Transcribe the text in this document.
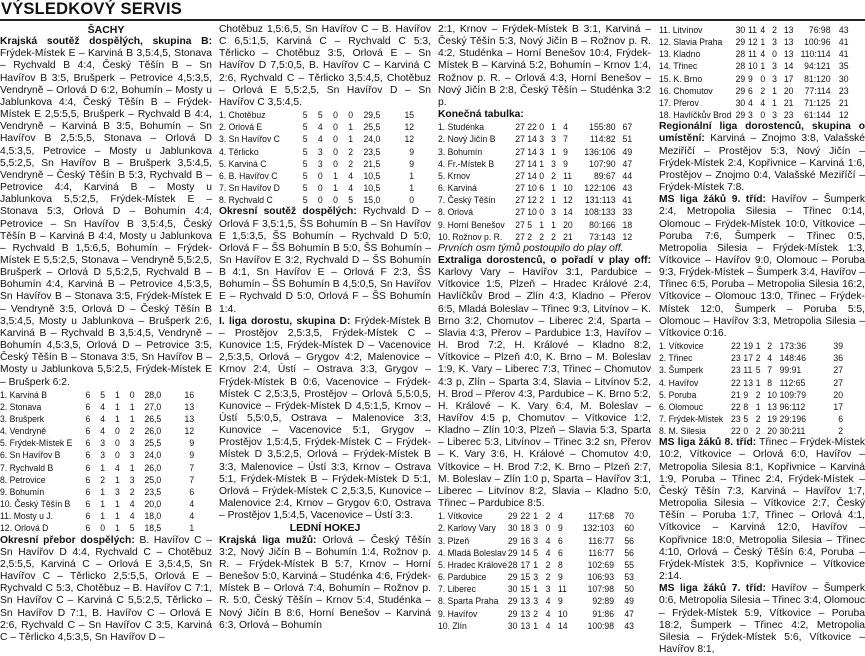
VÝSLEDKOVÝ SERVIS
ŠACHY

Krajská soutěž dospělých, skupina B: Frýdek-Místek E – Karviná B 3,5:4,5, Stonava – Rychvald B 4:4, Český Těšín B – Sn Havířov B 3:5, Brušperk – Petrovice 4,5:3,5, Vendryně – Orlová D 6:2, Bohumín – Mosty u Jablunkova 4:4, Český Těšín B – Frýdek-Místek E 2,5:5,5, Brušperk – Rychvald B 4:4, Vendryně – Karviná B 3:5, Bohumín – Sn Havířov B 2,5:5,5, Stonava – Orlová D 4,5:3,5, Petrovice – Mosty u Jablunkova 5,5:2,5, Sn Havířov B – Brušperk 3,5:4,5, Vendryně – Český Těšín B 5:3, Rychvald B – Petrovice 4:4, Karviná B – Mosty u Jablunkova 5,5:2,5, Frýdek-Místek E – Stonava 5:3, Orlová D – Bohumín 4:4, Petrovice – Sn Havířov B 3,5:4,5, Český Těšín B – Karviná B 4:4, Mosty u Jablunkova – Rychvald B 1,5:6,5, Bohumín – Frýdek-Místek E 5,5:2,5, Stonava – Vendryně 5,5:2,5, Brušperk – Orlová D 5,5:2,5, Rychvald B – Bohumín 4:4, Karviná B – Petrovice 4,5:3,5, Sn Havířov B – Stonava 3:5, Frýdek-Místek E – Vendryně 3:5, Orlová D – Český Těšín B 3,5:4,5, Mosty u Jablunkova – Brušperk 2:6, Karviná B – Rychvald B 3,5:4,5, Vendryně – Bohumín 4,5:3,5, Orlová D – Petrovice 3:5, Český Těšín B – Stonava 3:5, Sn Havířov B – Mosty u Jablunkova 5,5:2,5, Frýdek-Místek E – Brušperk 6:2.

1. Karviná B	6	5	1	0	28,0	16
2. Stonava	6	4	1	1	27,0	13
3. Brušperk	6	4	1	1	26,5	13
4. Vendryně	6	4	0	2	26,0	12
5. Frýdek-Místek E	6	3	0	3	25,5	9
6. Sn Havířov B	6	3	0	3	24,0	9
7. Rychvald B	6	1	4	1	26,0	7
8. Petrovice	6	2	1	3	25,0	7
9. Bohumín	6	1	3	2	23,5	6
10. Český Těšín B	6	1	1	4	20,0	4
11. Mosty u J.	6	1	1	4	18,0	4
12. Orlová D	6	0	1	5	18,5	1

Okresní přebor dospělých: B. Havířov C – Sn Havířov D 4:4, Rychvald C – Chotěbuz 2,5:5,5, Karviná C – Orlová E 3,5:4,5, Sn Havířov C – Těrlicko 2,5:5,5, Orlová E – Rychvald C 5:3, Chotěbuz – B. Havířov C 7:1, Sn Havířov C – Karviná C 5,5:2,5, Těrlicko – Sn Havířov D 7:1, B. Havířov C – Orlová E 2:6, Rychvald C – Sn Havířov C 3:5, Karviná C – Těrlicko 4,5:3,5, Sn Havířov D –

Chotěbuz 1,5:6,5, Sn Havířov C – B. Havířov C 6,5:1,5, Karviná C – Rychvald C 5:3, Těrlicko – Chotěbuz 3:5, Orlová E – Sn Havířov D 7,5:0,5, B. Havířov C – Karviná C 2:6, Rychvald C – Těrlicko 3,5:4,5, Chotěbuz – Orlová E 5,5:2,5, Sn Havířov D – Sn Havířov C 3,5:4,5.

1. Chotěbuz	5	5	0	0	29,5	15
2. Orlová E	5	4	0	1	25,5	12
3. Sn Havířov C	5	4	0	1	24,0	12
4. Těrlicko	5	3	0	2	23,5	9
5. Karviná C	5	3	0	2	21,5	9
6. B. Havířov C	5	0	1	4	10,5	1
7. Sn Havířov D	5	0	1	4	10,5	1
8. Rychvald C	5	0	0	5	15,0	0

Okresní soutěž dospělých: Rychvald D – Orlová F 3,5:1,5, ŠS Bohumín B – Sn Havířov E 1,5:3,5, ŠS Bohumín – Rychvald D 5:0, Orlová F – ŠS Bohumín B 5:0, ŠS Bohumín – Sn Havířov E 3:2, Rychvald D – ŠS Bohumín B 4:1, Sn Havířov E – Orlová F 2:3, ŠS Bohumín – ŠS Bohumín B 4,5:0,5, Sn Havířov E – Rychvald D 5:0, Orlová F – ŠS Bohumín 1:4.

I. liga dorostu, skupina D: Frýdek-Místek B – Prostějov 2,5:3,5, Frýdek-Místek C – Kunovice 1:5, Frýdek-Místek D – Vacenovice 2,5:3,5, Orlová – Grygov 4:2, Malenovice – Krnov 2:4, Ústí – Ostrava 3:3, Grygov – Frýdek-Místek B 0:6, Vacenovice – Frýdek-Místek C 2,5:3,5, Prostějov – Orlová 5,5:0,5, Kunovice – Frýdek-Místek D 4,5:1,5, Krnov – Ústí 5,5:0,5, Ostrava – Malenovice 3:3, Kunovice – Vacenovice 5:1, Grygov – Prostějov 1,5:4,5, Frýdek-Místek C – Frýdek-Místek D 3,5:2,5, Orlová – Frýdek-Místek B 3:3, Malenovice – Ústí 3:3, Krnov – Ostrava 5:1, Frýdek-Místek B – Frýdek-Místek D 5:1, Orlová – Frýdek-Místek C 2,5:3,5, Kunovice – Malenovice 2:4, Krnov – Grygov 6:0, Ostrava – Prostějov 1,5:4,5, Vacenovice – Ústí 3:3.

LEDNÍ HOKEJ

Krajská liga mužů: Orlová – Český Těšín 3:2, Nový Jičín B – Bohumín 1:4, Rožnov p. R. – Frýdek-Místek B 5:7, Krnov – Horní Benešov 5:0, Karviná – Studénka 4:6, Frýdek-Místek B – Orlová 7:4, Bohumín – Rožnov p. R. 5:0, Český Těšín – Krnov 5:4, Studénka – Nový Jičín B 8:6, Horní Benešov – Karviná 6:3, Orlová – Bohumín

2:1, Krnov – Frýdek-Místek B 3:1, Karviná – Český Těšín 5:3, Nový Jičín B – Rožnov p. R. 4:2, Studénka – Horní Benešov 10:4, Frýdek-Místek B – Karviná 5:2, Bohumín – Krnov 1:4, Rožnov p. R. – Orlová 4:3, Horní Benešov – Nový Jičín B 2:8, Český Těšín – Studénka 3:2 p.

Konečná tabulka:

1. Studénka	27	22	0	1	4	155:80	67
2. Nový Jičín B	27	14	3	3	7	114:82	51
3. Bohumín	27	14	3	1	9	136:106	49
4. Fr.-Místek B	27	14	1	3	9	107:90	47
5. Krnov	27	14	0	2	11	89:67	44
6. Karviná	27	10	6	1	10	122:106	43
7. Český Těšín	27	12	2	1	12	131:113	41
8. Orlová	27	10	0	3	14	108:133	33
9. Horní Benešov	27	5	1	1	20	80:166	18
10. Rožnov p. R.	27	2	2	2	21	73:143	12

Prvních osm týmů postoupilo do play off.

Extraliga dorostenců, o pořadí v play off: Karlovy Vary – Havířov 3:1, Pardubice – Vítkovice 1:5, Plzeň – Hradec Králové 2:4, Havlíčkův Brod – Zlín 4:3, Kladno – Přerov 6:5, Mladá Boleslav – Třinec 9:3, Litvínov – K. Brno 3:2, Chomutov – Liberec 2:4, Sparta – Slavia 4:3, Přerov – Pardubice 1:3, Havířov – H. Brod 7:2, H. Králové – Kladno 8:2, Vítkovice – Plzeň 4:0, K. Brno – M. Boleslav 1:9, K. Vary – Liberec 7:3, Třinec – Chomutov 4:3 p, Zlín – Sparta 3:4, Slavia – Litvínov 5:2, H. Brod – Přerov 4:3, Pardubice – K. Brno 5:2, H. Králové – K. Vary 6:4, M. Boleslav – Havířov 4:5 p, Chomutov – Vítkovice 1:2, Kladno – Zlín 10:3, Plzeň – Slavia 5:3, Sparta – Liberec 5:3, Litvínov – Třinec 3:2 sn, Přerov – K. Vary 3:6, H. Králové – Chomutov 4:0, Vítkovice – H. Brod 7:2, K. Brno – Plzeň 2:7, M. Boleslav – Zlín 1:0 p, Sparta – Havířov 3:1, Liberec – Litvínov 8:2, Slavia – Kladno 5:0, Třinec – Pardubice 8:5.

1. Vítkovice	29	22	1	2	4	117:68	70
2. Karlovy Vary	30	18	3	0	9	132:103	60
3. Plzeň	29	16	3	4	6	116:77	56
4. Mladá Boleslav	29	14	5	4	6	116:77	56
5. Hradec Králové	28	17	1	2	8	102:69	55
6. Pardubice	29	15	3	2	9	106:93	53
7. Liberec	30	15	1	3	11	107:98	50
8. Sparta Praha	29	13	3	4	9	92:89	49
9. Havířov	29	13	2	4	10	91:86	47
10. Zlín	30	13	1	4	14	100:98	43
11. Litvínov	30	11	4	2	13	76:98	43
12. Slavia Praha	29	12	1	3	13	100:96	41
13. Kladno	28	11	4	0	13	110:114	41
14. Třinec	28	10	1	3	14	94:121	35
15. K. Brno	29	9	0	3	17	81:120	30
16. Chomutov	29	6	2	1	20	77:114	23
17. Přerov	30	4	4	1	21	71:125	21
18. Havlíčkův Brod	29	3	0	3	23	61:144	12

Regionální liga dorostenců, skupina o umístění: Karviná – Znojmo 3:8, Valašské Meziříčí – Prostějov 5:3, Nový Jičín – Frýdek-Místek 2:4, Kopřivnice – Karviná 1:6, Prostějov – Znojmo 0:4, Valašské Meziříčí – Frýdek-Místek 7:8.

MS liga žáků 9. tříd: Havířov – Šumperk 2:4, Metropolia Silesia – Třinec 0:14, Olomouc – Frýdek-Místek 10:0, Vítkovice – Poruba 7:6, Šumperk – Třinec 0:5, Metropolia Silesia – Frýdek-Místek 1:3, Vítkovice – Havířov 9:0, Olomouc – Poruba 9:3, Frýdek-Místek – Šumperk 3:4, Havířov – Třinec 6:5, Poruba – Metropolia Silesia 16:2, Vítkovice – Olomouc 13:0, Třinec – Frýdek-Místek 12:0, Šumperk – Poruba 5:5, Olomouc – Havířov 3:3, Metropolia Silesia – Vítkovice 0:16.

1. Vítkovice	22	19	1	2	173:36	39
2. Třinec	23	17	2	4	148:46	36
3. Šumperk	23	11	5	7	99:91	27
4. Havířov	22	13	1	8	112:65	27
5. Poruba	21	9	2	10	109:79	20
6. Olomouc	22	8	1	13	96:112	17
7. Frýdek-Místek	23	5	2	19	29:196	6
8. M. Silesia	22	0	2	20	30:211	2

MS liga žáků 8. tříd: Třinec – Frýdek-Místek 10:2, Vítkovice – Orlová 6:0, Havířov – Metropolia Silesia 8:1, Kopřivnice – Karviná 1:9, Poruba – Třinec 2:4, Frýdek-Místek – Český Těšín 7:3, Karviná – Havířov 1:7, Metropolia Silesia – Vítkovice 2:7, Český Těšín – Poruba 1:7, Třinec – Orlová 4:1, Vítkovice – Karviná 12:0, Havířov – Kopřivnice 18:0, Metropolia Silesia – Třinec 4:10, Orlová – Český Těšín 6:4, Poruba – Frýdek-Místek 3:5, Kopřivnice – Vítkovice 2:14.

MS liga žáků 7. tříd: Havířov – Šumperk 0:6, Metropolia Silesia – Třinec 3:4, Olomouc – Frýdek-Místek 5:9, Vítkovice – Poruba 18:2, Šumperk – Třinec 4:2, Metropolia Silesia – Frýdek-Místek 5:6, Vítkovice – Havířov 8:1,
